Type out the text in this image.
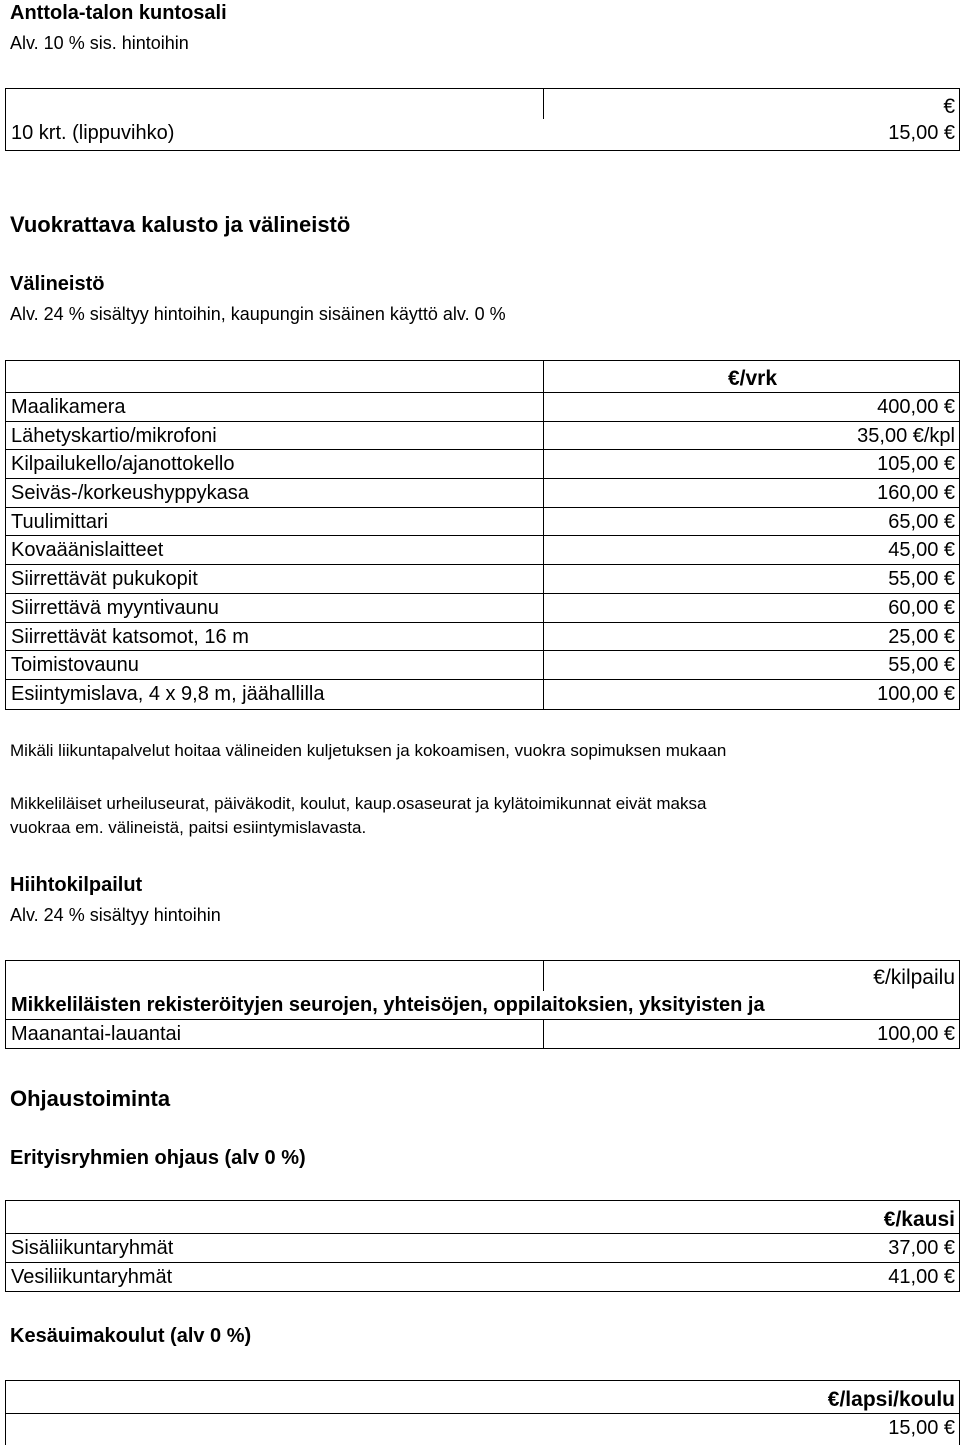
Anttola-talon kuntosali
Alv. 10 % sis. hintoihin
€
10 krt. (lippuvihko)	15,00 €
Vuokrattava kalusto ja välineistö
Välineistö
Alv. 24 % sisältyy hintoihin, kaupungin sisäinen käyttö alv. 0 %
€/vrk
Maalikamera	400,00 €
Lähetyskartio/mikrofoni	35,00 €/kpl
Kilpailukello/ajanottokello	105,00 €
Seiväs-/korkeushyppykasa	160,00 €
Tuulimittari	65,00 €
Kovaäänislaitteet	45,00 €
Siirrettävät pukukopit	55,00 €
Siirrettävä myyntivaunu	60,00 €
Siirrettävät katsomot, 16 m	25,00 €
Toimistovaunu	55,00 €
Esiintymislava, 4 x 9,8 m, jäähallilla	100,00 €
Mikäli liikuntapalvelut hoitaa välineiden kuljetuksen ja kokoamisen, vuokra sopimuksen mukaan
Mikkeliläiset urheiluseurat, päiväkodit, koulut, kaup.osaseurat ja kylätoimikunnat eivät maksa
vuokraa em. välineistä, paitsi esiintymislavasta.
Hiihtokilpailut
Alv. 24 % sisältyy hintoihin
€/kilpailu
Mikkeliläisten rekisteröityjen seurojen, yhteisöjen, oppilaitoksien, yksityisten ja
Maanantai-lauantai	100,00 €
Ohjaustoiminta
Erityisryhmien ohjaus (alv 0 %)
€/kausi
Sisäliikuntaryhmät	37,00 €
Vesiliikuntaryhmät	41,00 €
Kesäuimakoulut (alv 0 %)
€/lapsi/koulu
15,00 €
